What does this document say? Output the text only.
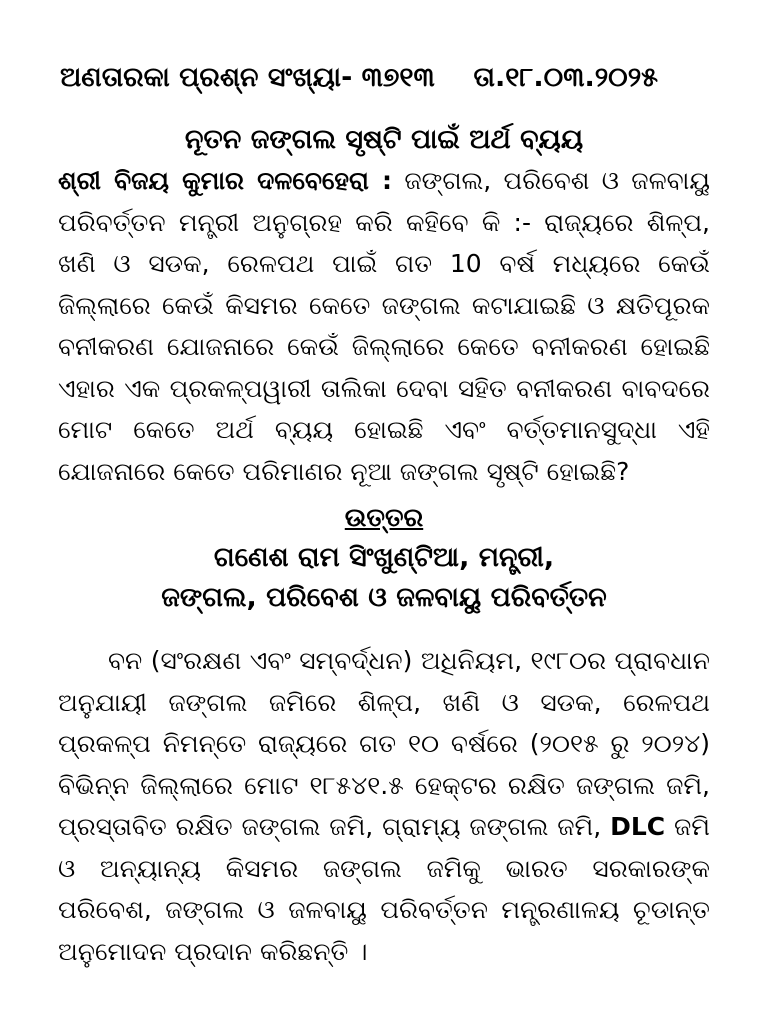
ଅଣତାରକା ପ୍ରଶ୍ନ ସଂଖ୍ୟା- ୩୭୧୩ ତା.୧୮.୦୩.୨୦୨୫
ନୂତନ ଜଙ୍ଗଲ ସୃଷ୍ଟି ପାଇଁ ଅର୍ଥ ବ୍ୟୟ

ଶ୍ରୀ ବିଜୟ କୁମାର ଦଳବେହେରା : ଜଙ୍ଗଲ, ପରିବେଶ ଓ ଜଳବାୟୁ ପରିବର୍ତ୍ତନ ମନ୍ତ୍ରୀ ଅନୁଗ୍ରହ କରି କହିବେ କି :- ରାଜ୍ୟରେ ଶିଳ୍ପ, ଖଣି ଓ ସଡକ, ରେଳପଥ ପାଇଁ ଗତ 10 ବର୍ଷ ମଧ୍ୟରେ କେଉଁ ଜିଲ୍ଲାରେ କେଉଁ କିସମର କେତେ ଜଙ୍ଗଲ କଟାଯାଇଛି ଓ କ୍ଷତିପୂରକ ବନୀକରଣ ଯୋଜନାରେ କେଉଁ ଜିଲ୍ଲାରେ କେତେ ବନୀକରଣ ହୋଇଛି ଏହାର ଏକ ପ୍ରକଳ୍ପୱାରୀ ତାଲିକା ଦେବା ସହିତ ବନୀକରଣ ବାବଦରେ ମୋଟ କେତେ ଅର୍ଥ ବ୍ୟୟ ହୋଇଛି ଏବଂ ବର୍ତ୍ତମାନସୁଦ୍ଧା ଏହି ଯୋଜନାରେ କେତେ ପରିମାଣର ନୂଆ ଜଙ୍ଗଲ ସୃଷ୍ଟି ହୋଇଛି?

ଉତ୍ତର
ଗଣେଶ ରାମ ସିଂଖୁଣ୍ଟିଆ, ମନ୍ତ୍ରୀ,
ଜଙ୍ଗଲ, ପରିବେଶ ଓ ଜଳବାୟୁ ପରିବର୍ତ୍ତନ

ବନ (ସଂରକ୍ଷଣ ଏବଂ ସମ୍ବର୍ଦ୍ଧନ) ଅଧିନିୟମ, ୧୯୮୦ର ପ୍ରାବଧାନ ଅନୁଯାୟୀ ଜଙ୍ଗଲ ଜମିରେ ଶିଳ୍ପ, ଖଣି ଓ ସଡକ, ରେଳପଥ ପ୍ରକଳ୍ପ ନିମନ୍ତେ ରାଜ୍ୟରେ ଗତ ୧୦ ବର୍ଷରେ (୨୦୧୫ ରୁ ୨୦୨୪) ବିଭିନ୍ନ ଜିଲ୍ଲାରେ ମୋଟ ୧୮୫୪୧.୫ ହେକ୍ଟର ରକ୍ଷିତ ଜଙ୍ଗଲ ଜମି, ପ୍ରସ୍ତାବିତ ରକ୍ଷିତ ଜଙ୍ଗଲ ଜମି, ଗ୍ରାମ୍ୟ ଜଙ୍ଗଲ ଜମି, DLC ଜମି ଓ ଅନ୍ୟାନ୍ୟ କିସମର ଜଙ୍ଗଲ ଜମିକୁ ଭାରତ ସରକାରଙ୍କ ପରିବେଶ, ଜଙ୍ଗଲ ଓ ଜଳବାୟୁ ପରିବର୍ତ୍ତନ ମନ୍ତ୍ରଣାଳୟ ଚୂଡାନ୍ତ ଅନୁମୋଦନ ପ୍ରଦାନ କରିଛନ୍ତି ।
